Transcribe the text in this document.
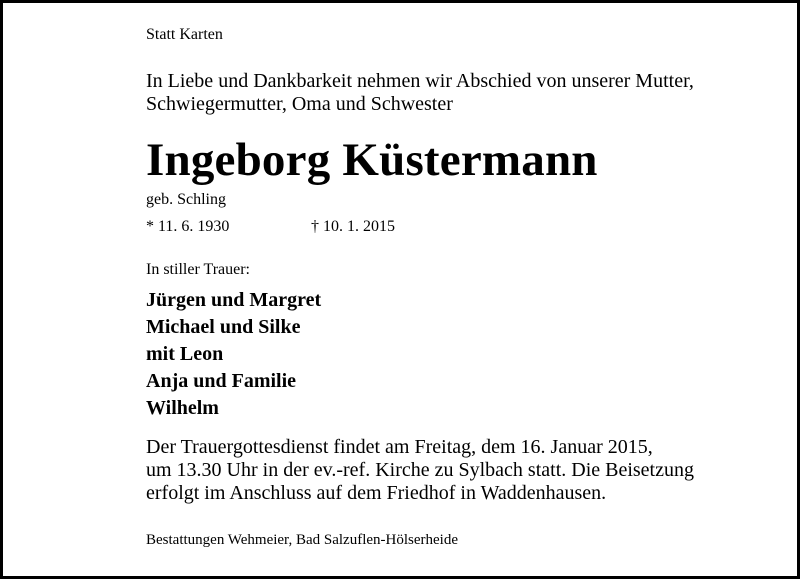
Statt Karten
In Liebe und Dankbarkeit nehmen wir Abschied von unserer Mutter,
Schwiegermutter, Oma und Schwester
Ingeborg Küstermann
geb. Schling
* 11. 6. 1930	† 10. 1. 2015
In stiller Trauer:
Jürgen und Margret
Michael und Silke
mit Leon
Anja und Familie
Wilhelm
Der Trauergottesdienst findet am Freitag, dem 16. Januar 2015,
um 13.30 Uhr in der ev.-ref. Kirche zu Sylbach statt. Die Beisetzung
erfolgt im Anschluss auf dem Friedhof in Waddenhausen.
Bestattungen Wehmeier, Bad Salzuflen-Hölserheide
